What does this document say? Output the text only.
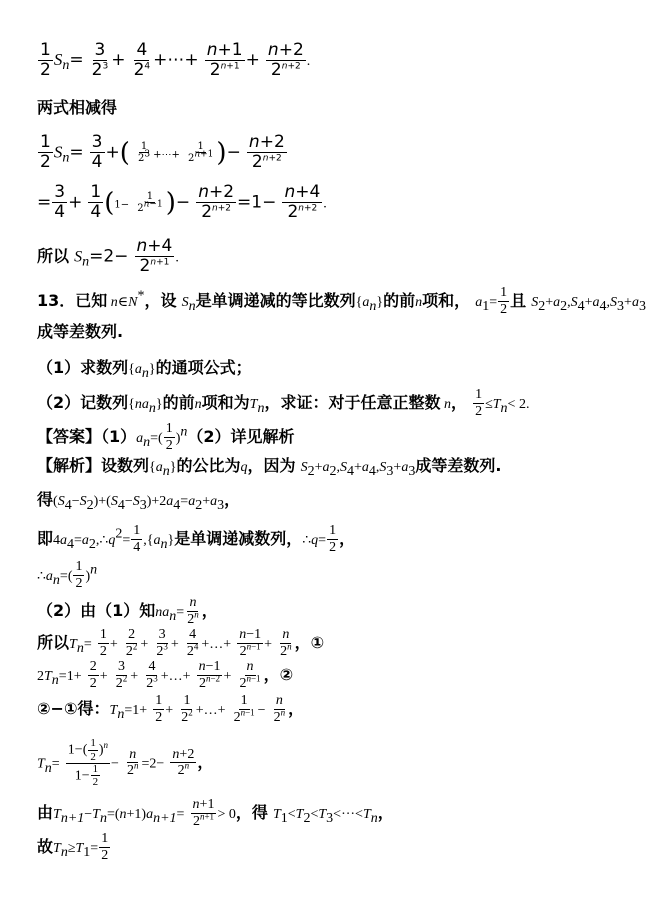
$\frac{1}{2} S_n= \frac{3}{2^3} + \frac{4}{2^4}$ +⋯+ $\frac{n+1}{2^{n+1}} + \frac{n+2}{2^{n+2}}$ .
两式相减得
$\frac{1}{2} S_n= \frac{3}{4}$ +( $\frac{1}{2^3}$ +⋯+ $\frac{1}{2^{n+1}}$ )− $\frac{n+2}{2^{n+2}}$
= $\frac{3}{4} + \frac{1}{4} (1- \frac{1}{2^{n-1}}$ )− $\frac{n+2}{2^{n+2}} =1- \frac{n+4}{2^{n+2}}$ .
所以 $S_n=2- \frac{n+4}{2^{n+1}}$ .
13．已知 n∈N*，设 $S_n$是单调递减的等比数列$\{a_n\}$的前n项和， $a_1= \frac{1}{2}$ 且 $S_2+a_2,S_4+a_4,S_3+a_3$
成等差数列.
（1）求数列$\{a_n\}$的通项公式；
（2）记数列$\{na_n\}$的前n项和为$T_n$，求证：对于任意正整数 n， $\frac{1}{2} \le T_n< 2$.
【答案】$(1)a_n=( \frac{1}{2} )^n(2)$详见解析
【解析】设数列$\{a_n\}$的公比为q，因为 $S_2+a_2,S_4+a_4,S_3+a_3$成等差数列.
得$(S_4-S_2)+(S_4-S_3)+2a_4=a_2+a_3$，
即$4a_4=a_2,\therefore q^2= \frac{1}{4} ,\{a_n\}$是单调递减数列，∴q= $\frac{1}{2}$ ，
$\therefore a_n=( \frac{1}{2} )^n$
（2）由（1）知$na_n= \frac{n}{2^n}$ ，
所以$T_n= \frac{1}{2} + \frac{2}{2^2} + \frac{3}{2^3} + \frac{4}{2^4}$ +…+ $\frac{n-1}{2^{n-1}} + \frac{n}{2^n}$ ，①
$2T_n=1+ \frac{2}{2} + \frac{3}{2^2} + \frac{4}{2^3}$ +…+ $\frac{n-1}{2^{n-2}} + \frac{n}{2^{n-1}}$ ，②
②−①得：$T_n=1+ \frac{1}{2} + \frac{1}{2^2}$ +…+ $\frac{1}{2^{n-1}} - \frac{n}{2^n}$ ，
$T_n= \frac{1-( \frac{1}{2} )^n}{1- \frac{1}{2}} - \frac{n}{2^n} =2- \frac{n+2}{2^n}$ ，
由$T_{n+1}-T_n=(n+1)a_{n+1}= \frac{n+1}{2^{n+1}} > 0$，得 $T_1<T_2<T_3<\cdot\cdot\cdot<T_n$，
故$T_n\ge T_1= \frac{1}{2}$
